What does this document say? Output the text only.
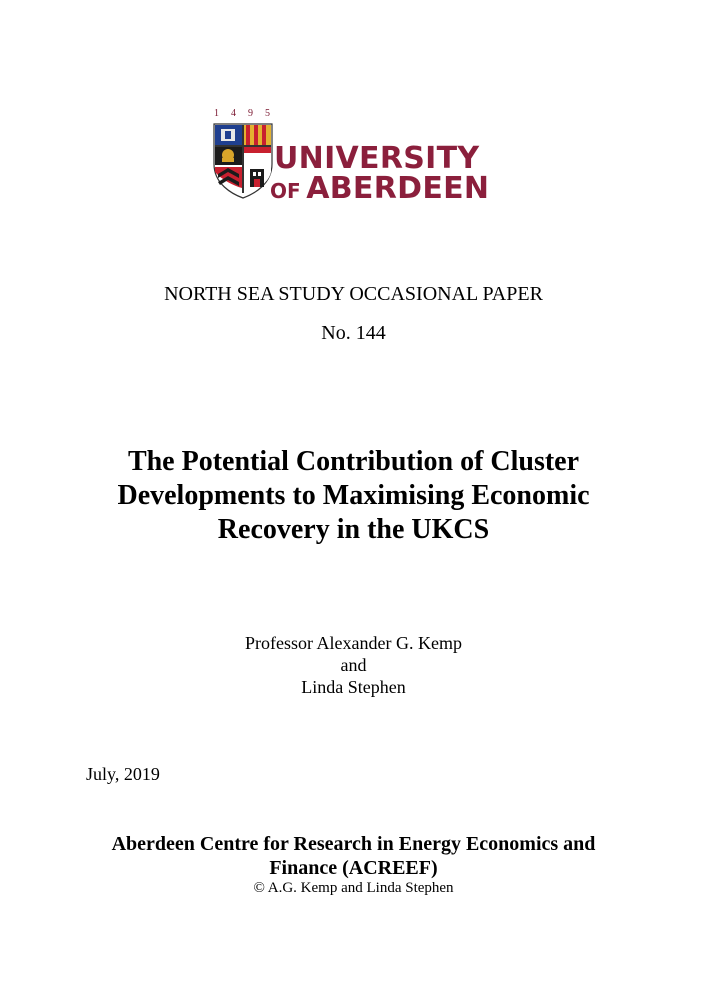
1 4 9 5
UNIVERSITY
OF ABERDEEN
NORTH SEA STUDY OCCASIONAL PAPER
No. 144
The Potential Contribution of Cluster
Developments to Maximising Economic
Recovery in the UKCS
Professor Alexander G. Kemp
and
Linda Stephen
July, 2019
Aberdeen Centre for Research in Energy Economics and
Finance (ACREEF)
© A.G. Kemp and Linda Stephen
